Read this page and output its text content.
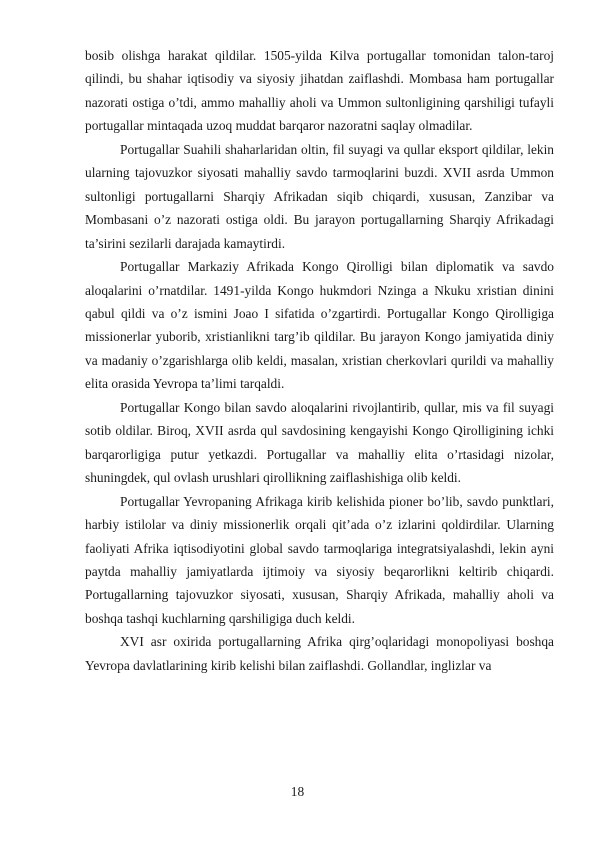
bosib olishga harakat qildilar. 1505-yilda Kilva portugallar tomonidan talon-taroj qilindi, bu shahar iqtisodiy va siyosiy jihatdan zaiflashdi. Mombasa ham portugallar nazorati ostiga o’tdi, ammo mahalliy aholi va Ummon sultonligining qarshiligi tufayli portugallar mintaqada uzoq muddat barqaror nazoratni saqlay olmadilar.

Portugallar Suahili shaharlaridan oltin, fil suyagi va qullar eksport qildilar, lekin ularning tajovuzkor siyosati mahalliy savdo tarmoqlarini buzdi. XVII asrda Ummon sultonligi portugallarni Sharqiy Afrikadan siqib chiqardi, xususan, Zanzibar va Mombasani o’z nazorati ostiga oldi. Bu jarayon portugallarning Sharqiy Afrikadagi ta’sirini sezilarli darajada kamaytirdi.

Portugallar Markaziy Afrikada Kongo Qirolligi bilan diplomatik va savdo aloqalarini o’rnatdilar. 1491-yilda Kongo hukmdori Nzinga a Nkuku xristian dinini qabul qildi va o’z ismini Joao I sifatida o’zgartirdi. Portugallar Kongo Qirolligiga missionerlar yuborib, xristianlikni targ’ib qildilar. Bu jarayon Kongo jamiyatida diniy va madaniy o’zgarishlarga olib keldi, masalan, xristian cherkovlari qurildi va mahalliy elita orasida Yevropa ta’limi tarqaldi.

Portugallar Kongo bilan savdo aloqalarini rivojlantirib, qullar, mis va fil suyagi sotib oldilar. Biroq, XVII asrda qul savdosining kengayishi Kongo Qirolligining ichki barqarorligiga putur yetkazdi. Portugallar va mahalliy elita o’rtasidagi nizolar, shuningdek, qul ovlash urushlari qirollikning zaiflashishiga olib keldi.

Portugallar Yevropaning Afrikaga kirib kelishida pioner bo’lib, savdo punktlari, harbiy istilolar va diniy missionerlik orqali qit’ada o’z izlarini qoldirdilar. Ularning faoliyati Afrika iqtisodiyotini global savdo tarmoqlariga integratsiyalashdi, lekin ayni paytda mahalliy jamiyatlarda ijtimoiy va siyosiy beqarorlikni keltirib chiqardi. Portugallarning tajovuzkor siyosati, xususan, Sharqiy Afrikada, mahalliy aholi va boshqa tashqi kuchlarning qarshiligiga duch keldi.

XVI asr oxirida portugallarning Afrika qirg’oqlaridagi monopoliyasi boshqa Yevropa davlatlarining kirib kelishi bilan zaiflashdi. Gollandlar, inglizlar va

18
